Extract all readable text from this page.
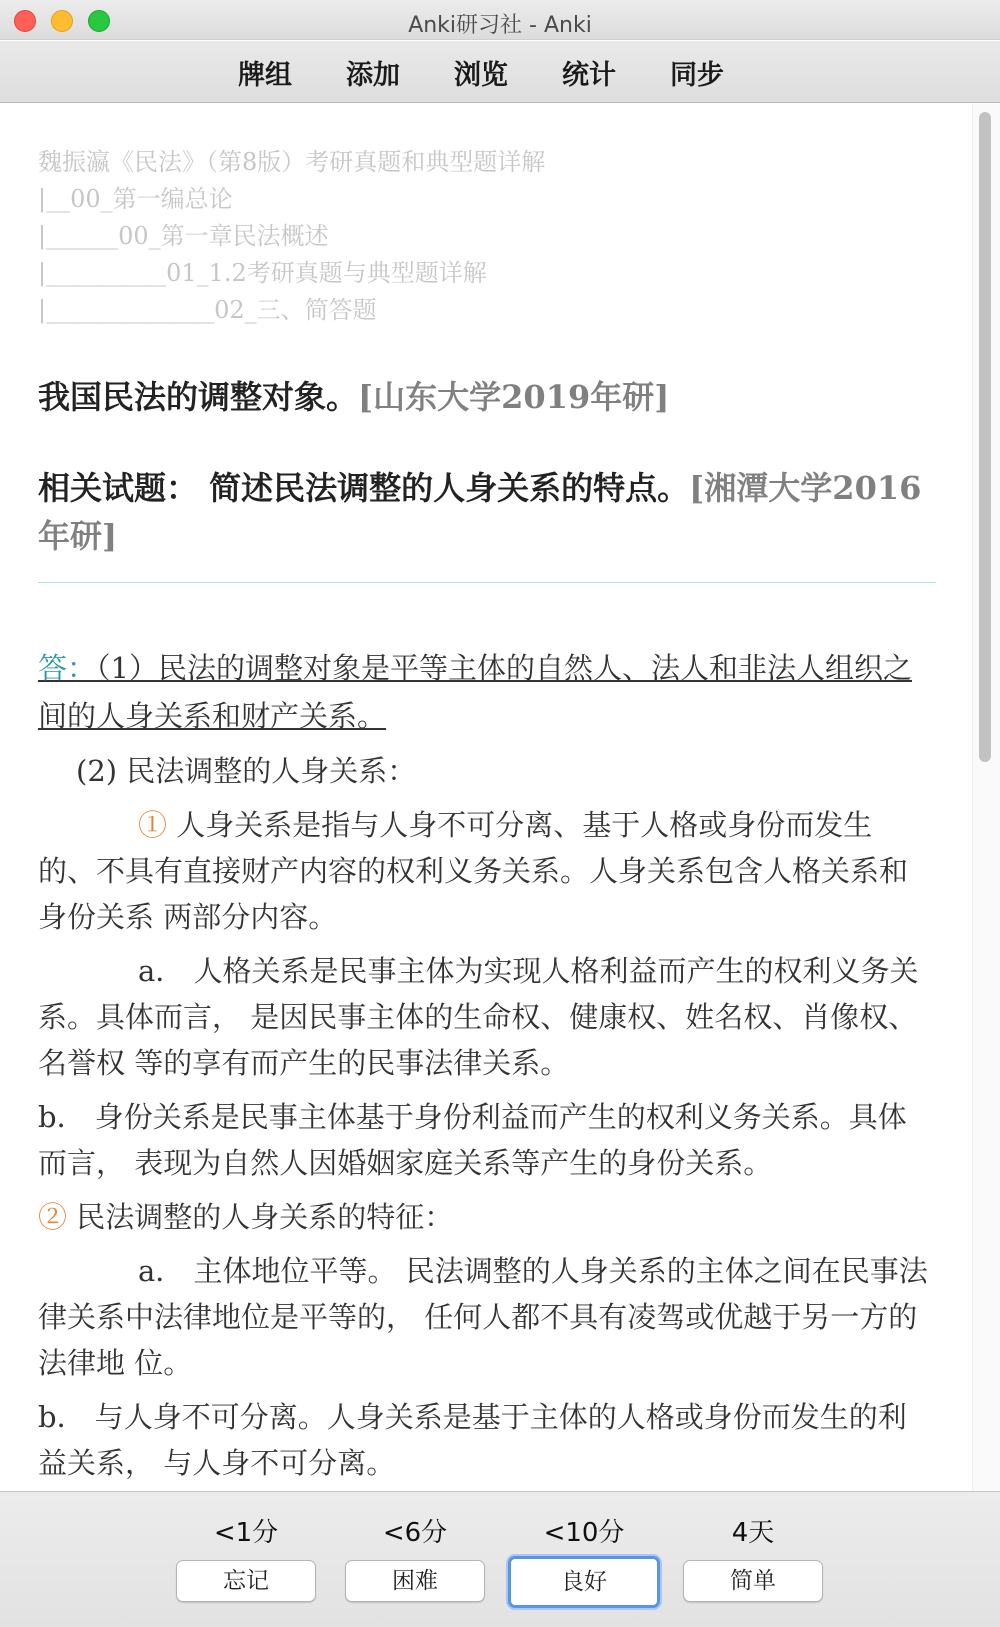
Anki研习社 - Anki
牌组 添加 浏览 统计 同步
魏振瀛《民法》（第8版）考研真题和典型题详解
|__00_第一编总论
|______00_第一章民法概述
|__________01_1.2考研真题与典型题详解
|______________02_三、简答题
我国民法的调整对象。[山东大学2019年研]
相关试题： 简述民法调整的人身关系的特点。[湘潭大学2016年研]

答：（1）民法的调整对象是平等主体的自然人、法人和非法人组织之间的人身关系和财产关系。

(2) 民法调整的人身关系：

① 人身关系是指与人身不可分离、基于人格或身份而发生的、不具有直接财产内容的权利义务关系。人身关系包含人格关系和身份关系 两部分内容。

a． 人格关系是民事主体为实现人格利益而产生的权利义务关系。具体而言， 是因民事主体的生命权、健康权、姓名权、肖像权、名誉权 等的享有而产生的民事法律关系。

b． 身份关系是民事主体基于身份利益而产生的权利义务关系。具体而言， 表现为自然人因婚姻家庭关系等产生的身份关系。

② 民法调整的人身关系的特征：

a． 主体地位平等。 民法调整的人身关系的主体之间在民事法律关系中法律地位是平等的， 任何人都不具有凌驾或优越于另一方的法律地 位。

b． 与人身不可分离。人身关系是基于主体的人格或身份而发生的利益关系， 与人身不可分离。

<1分	<6分	<10分	4天
忘记	困难	良好	简单
